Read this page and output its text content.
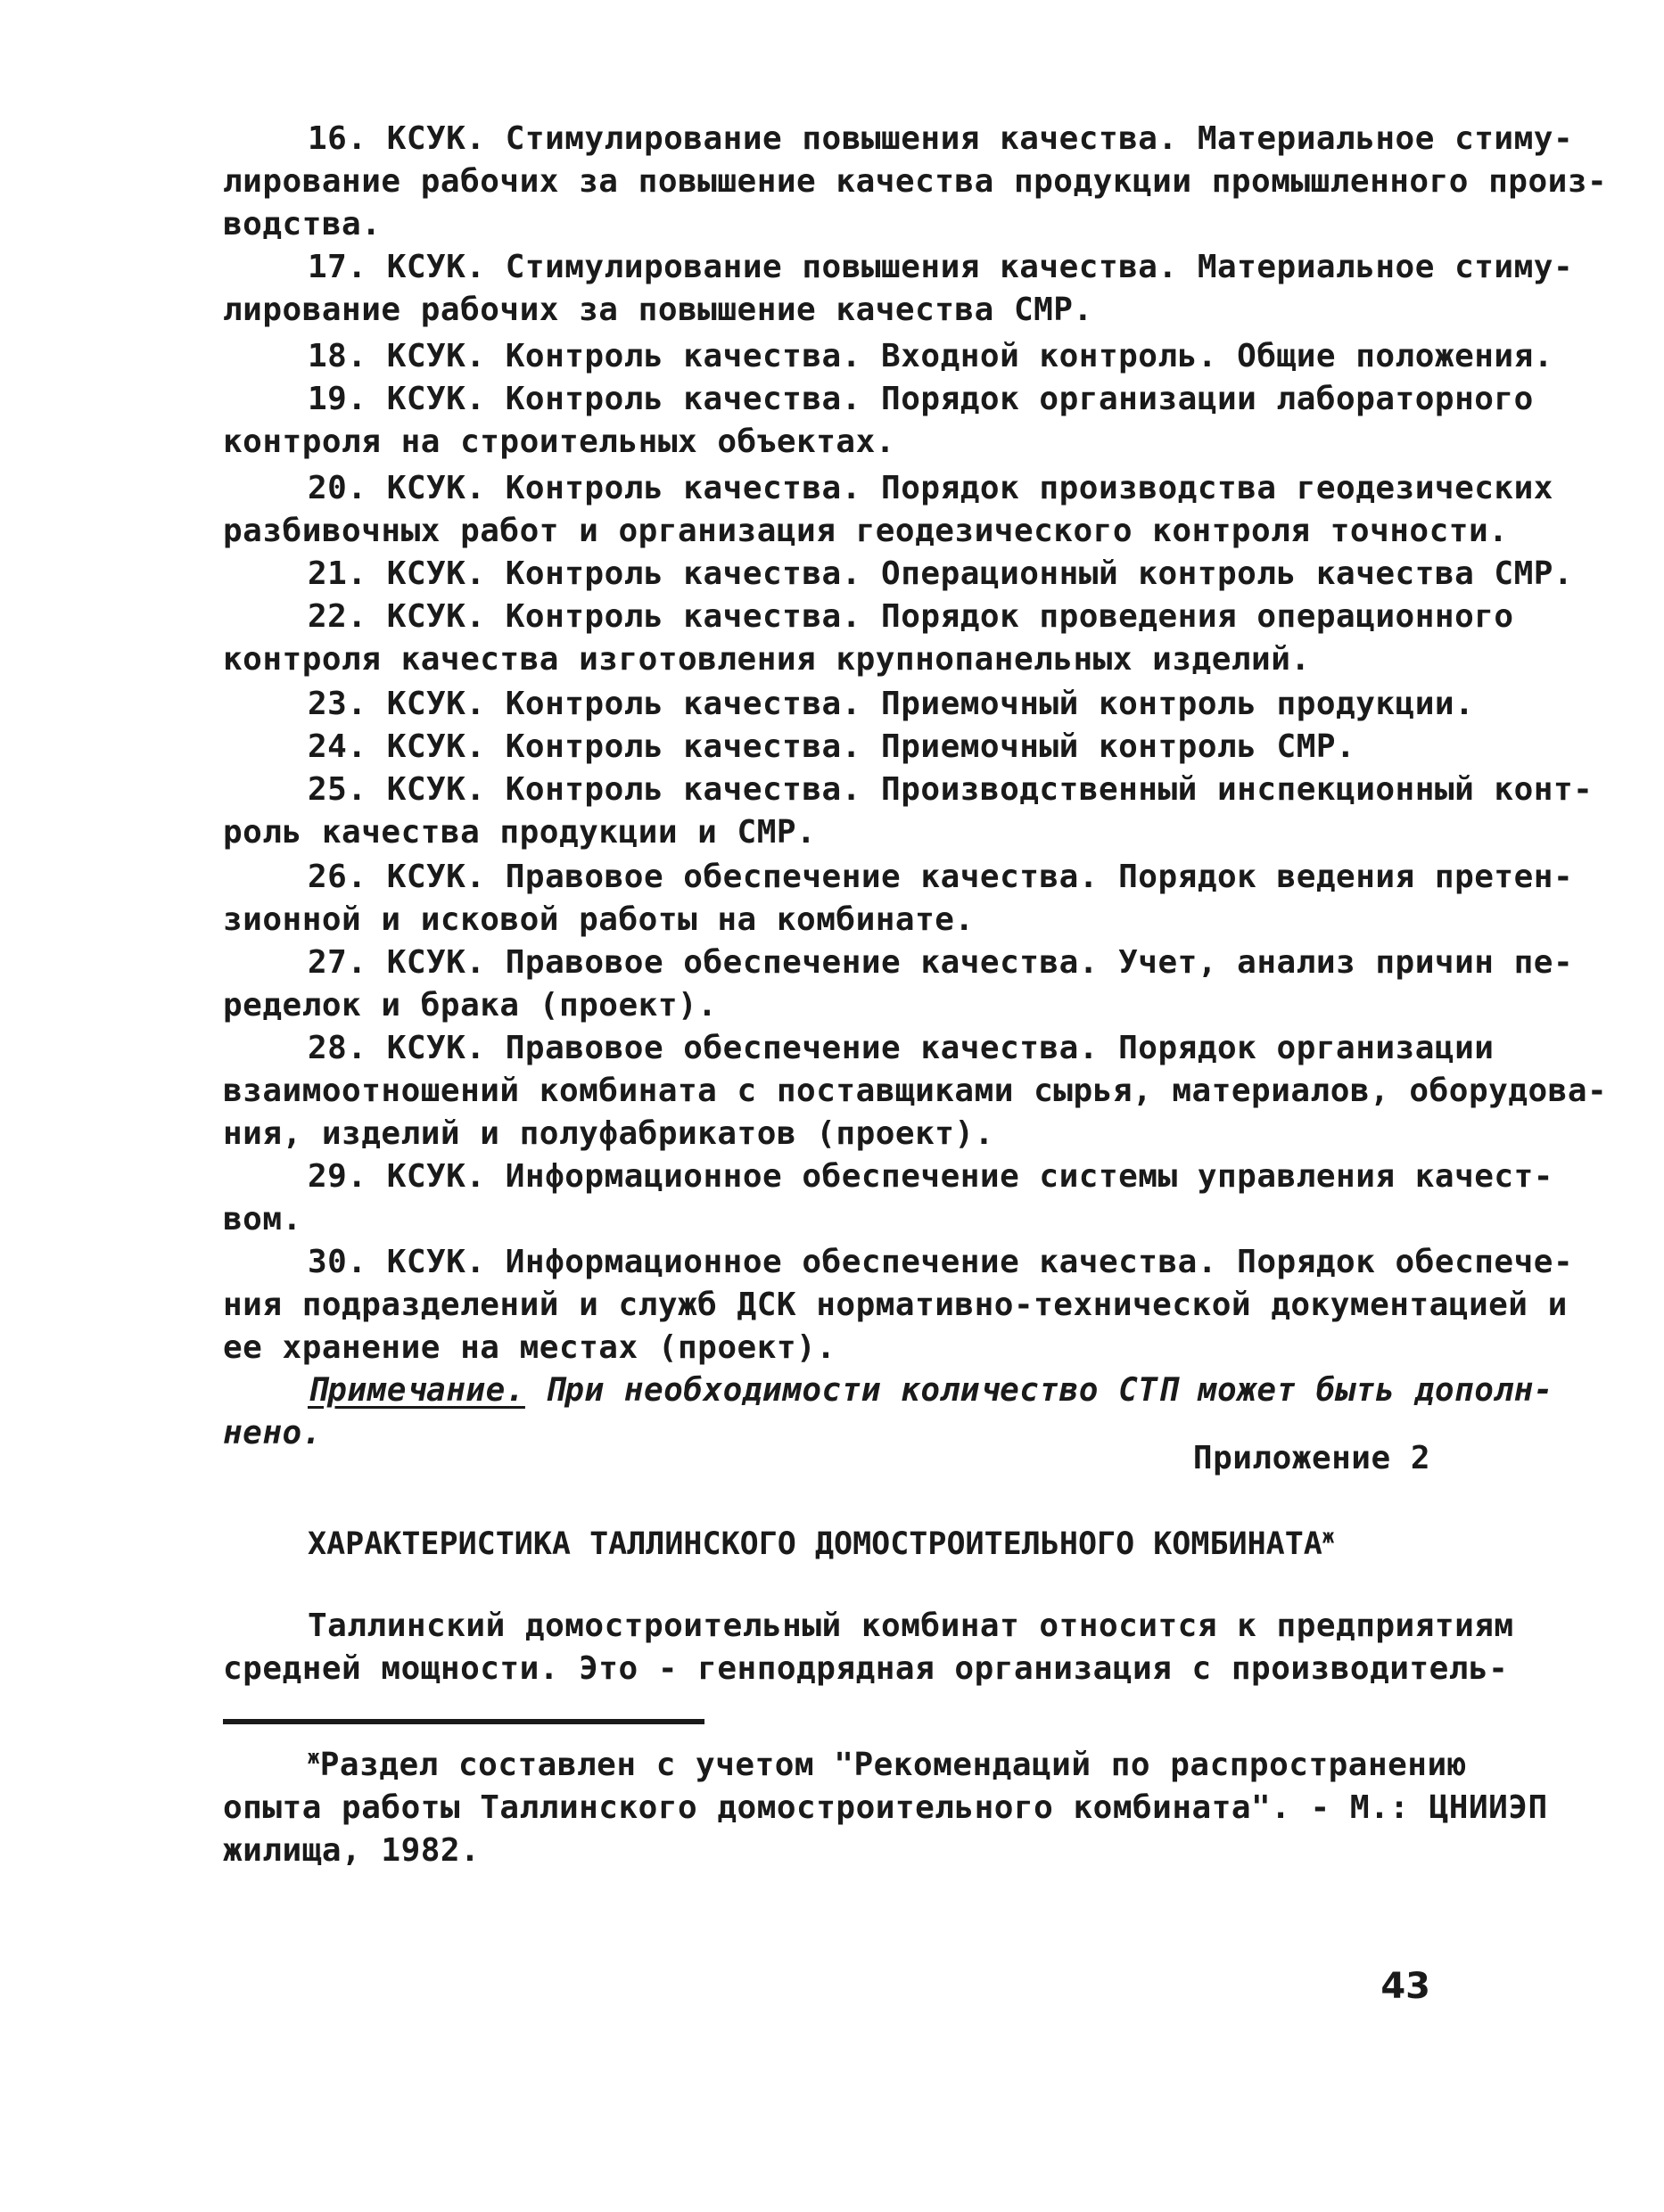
16. КСУК. Стимулирование повышения качества. Материальное стиму-
лирование рабочих за повышение качества продукции промышленного произ-
водства.
17. КСУК. Стимулирование повышения качества. Материальное стиму-
лирование рабочих за повышение качества СМР.
18. КСУК. Контроль качества. Входной контроль. Общие положения.
19. КСУК. Контроль качества. Порядок организации лабораторного
контроля на строительных объектах.
20. КСУК. Контроль качества. Порядок производства геодезических
разбивочных работ и организация геодезического контроля точности.
21. КСУК. Контроль качества. Операционный контроль качества СМР.
22. КСУК. Контроль качества. Порядок проведения операционного
контроля качества изготовления крупнопанельных изделий.
23. КСУК. Контроль качества. Приемочный контроль продукции.
24. КСУК. Контроль качества. Приемочный контроль СМР.
25. КСУК. Контроль качества. Производственный инспекционный конт-
роль качества продукции и СМР.
26. КСУК. Правовое обеспечение качества. Порядок ведения претен-
зионной и исковой работы на комбинате.
27. КСУК. Правовое обеспечение качества. Учет, анализ причин пе-
ределок и брака (проект).
28. КСУК. Правовое обеспечение качества. Порядок организации
взаимоотношений комбината с поставщиками сырья, материалов, оборудова-
ния, изделий и полуфабрикатов (проект).
29. КСУК. Информационное обеспечение системы управления качест-
вом.
30. КСУК. Информационное обеспечение качества. Порядок обеспече-
ния подразделений и служб ДСК нормативно-технической документацией и
ее хранение на местах (проект).
Примечание. При необходимости количество СТП может быть дополн-
нено.
Приложение 2
ХАРАКТЕРИСТИКА ТАЛЛИНСКОГО ДОМОСТРОИТЕЛЬНОГО $КОМБИНАТА^ж$
Таллинский домостроительный комбинат относится к предприятиям
средней мощности. Это - генподрядная организация с производитель-
$^ж$Раздел составлен с учетом "Рекомендаций по распространению
опыта работы Таллинского домостроительного комбината". - М.: ЦНИИЭП
жилища, 1982.
43
